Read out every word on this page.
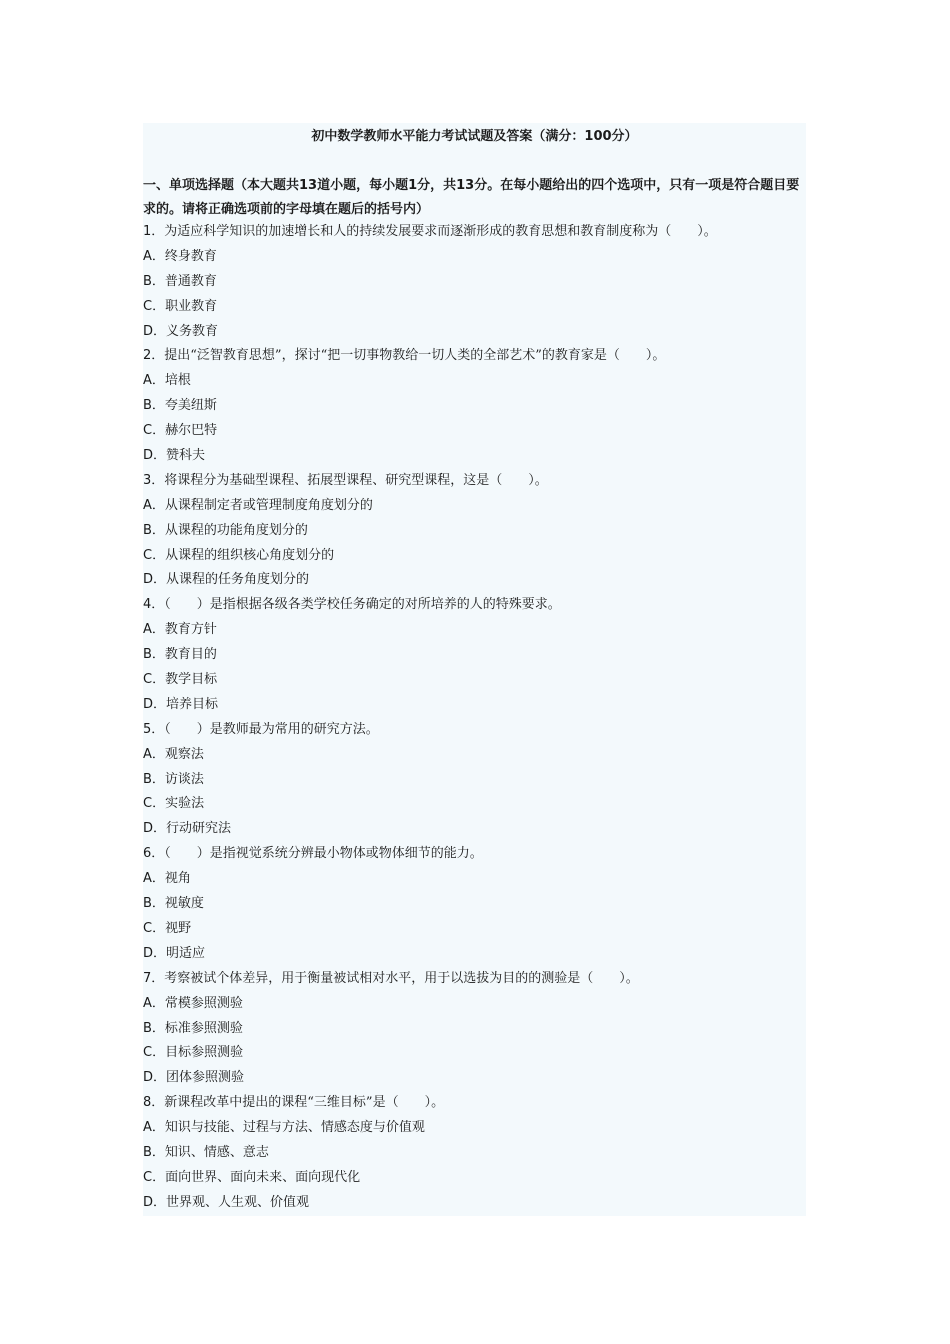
初中数学教师水平能力考试试题及答案（满分：100分）

一、单项选择题（本大题共13道小题，每小题1分，共13分。在每小题给出的四个选项中，只有一项是符合题目要求的。请将正确选项前的字母填在题后的括号内）

1．为适应科学知识的加速增长和人的持续发展要求而逐渐形成的教育思想和教育制度称为（　　）。
A．终身教育
B．普通教育
C．职业教育
D．义务教育
2．提出“泛智教育思想”，探讨“把一切事物教给一切人类的全部艺术”的教育家是（　　）。
A．培根
B．夸美纽斯
C．赫尔巴特
D．赞科夫
3．将课程分为基础型课程、拓展型课程、研究型课程，这是（　　）。
A．从课程制定者或管理制度角度划分的
B．从课程的功能角度划分的
C．从课程的组织核心角度划分的
D．从课程的任务角度划分的
4．（　　）是指根据各级各类学校任务确定的对所培养的人的特殊要求。
A．教育方针
B．教育目的
C．教学目标
D．培养目标
5．（　　）是教师最为常用的研究方法。
A．观察法
B．访谈法
C．实验法
D．行动研究法
6．（　　）是指视觉系统分辨最小物体或物体细节的能力。
A．视角
B．视敏度
C．视野
D．明适应
7．考察被试个体差异，用于衡量被试相对水平，用于以选拔为目的的测验是（　　）。
A．常模参照测验
B．标准参照测验
C．目标参照测验
D．团体参照测验
8．新课程改革中提出的课程“三维目标”是（　　）。
A．知识与技能、过程与方法、情感态度与价值观
B．知识、情感、意志
C．面向世界、面向未来、面向现代化
D．世界观、人生观、价值观
